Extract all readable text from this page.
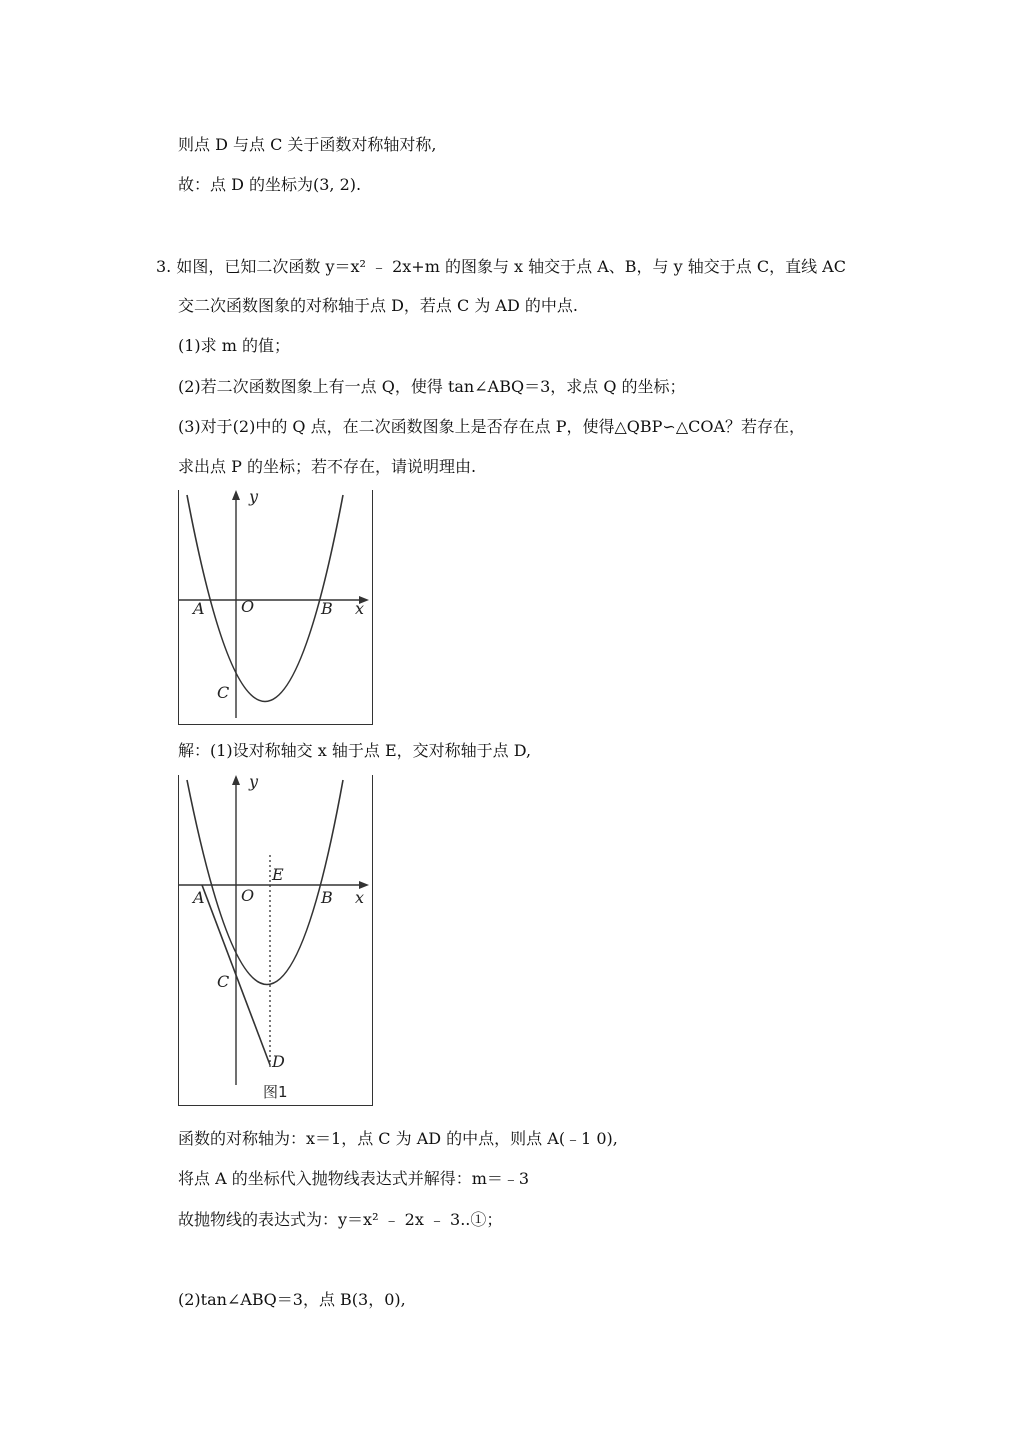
则点 D 与点 C 关于函数对称轴对称,
故：点 D 的坐标为(3, 2).
3. 如图，已知二次函数 y＝x² ﹣ 2x+m 的图象与 x 轴交于点 A、B，与 y 轴交于点 C，直线 AC
交二次函数图象的对称轴于点 D，若点 C 为 AD 的中点.
(1)求 m 的值；
(2)若二次函数图象上有一点 Q，使得 tan∠ABQ＝3，求点 Q 的坐标；
(3)对于(2)中的 Q 点，在二次函数图象上是否存在点 P，使得△QBP∽△COA？若存在，
求出点 P 的坐标；若不存在，请说明理由.
y
x
A O	B
C
解：(1)设对称轴交 x 轴于点 E，交对称轴于点 D,
y
x
A O	B
E
C
D
图1
函数的对称轴为：x＝1，点 C 为 AD 的中点，则点 A(﹣1 0),
将点 A 的坐标代入抛物线表达式并解得：m＝﹣3
故抛物线的表达式为：y＝x² ﹣ 2x ﹣ 3..①；
(2)tan∠ABQ＝3，点 B(3，0),
